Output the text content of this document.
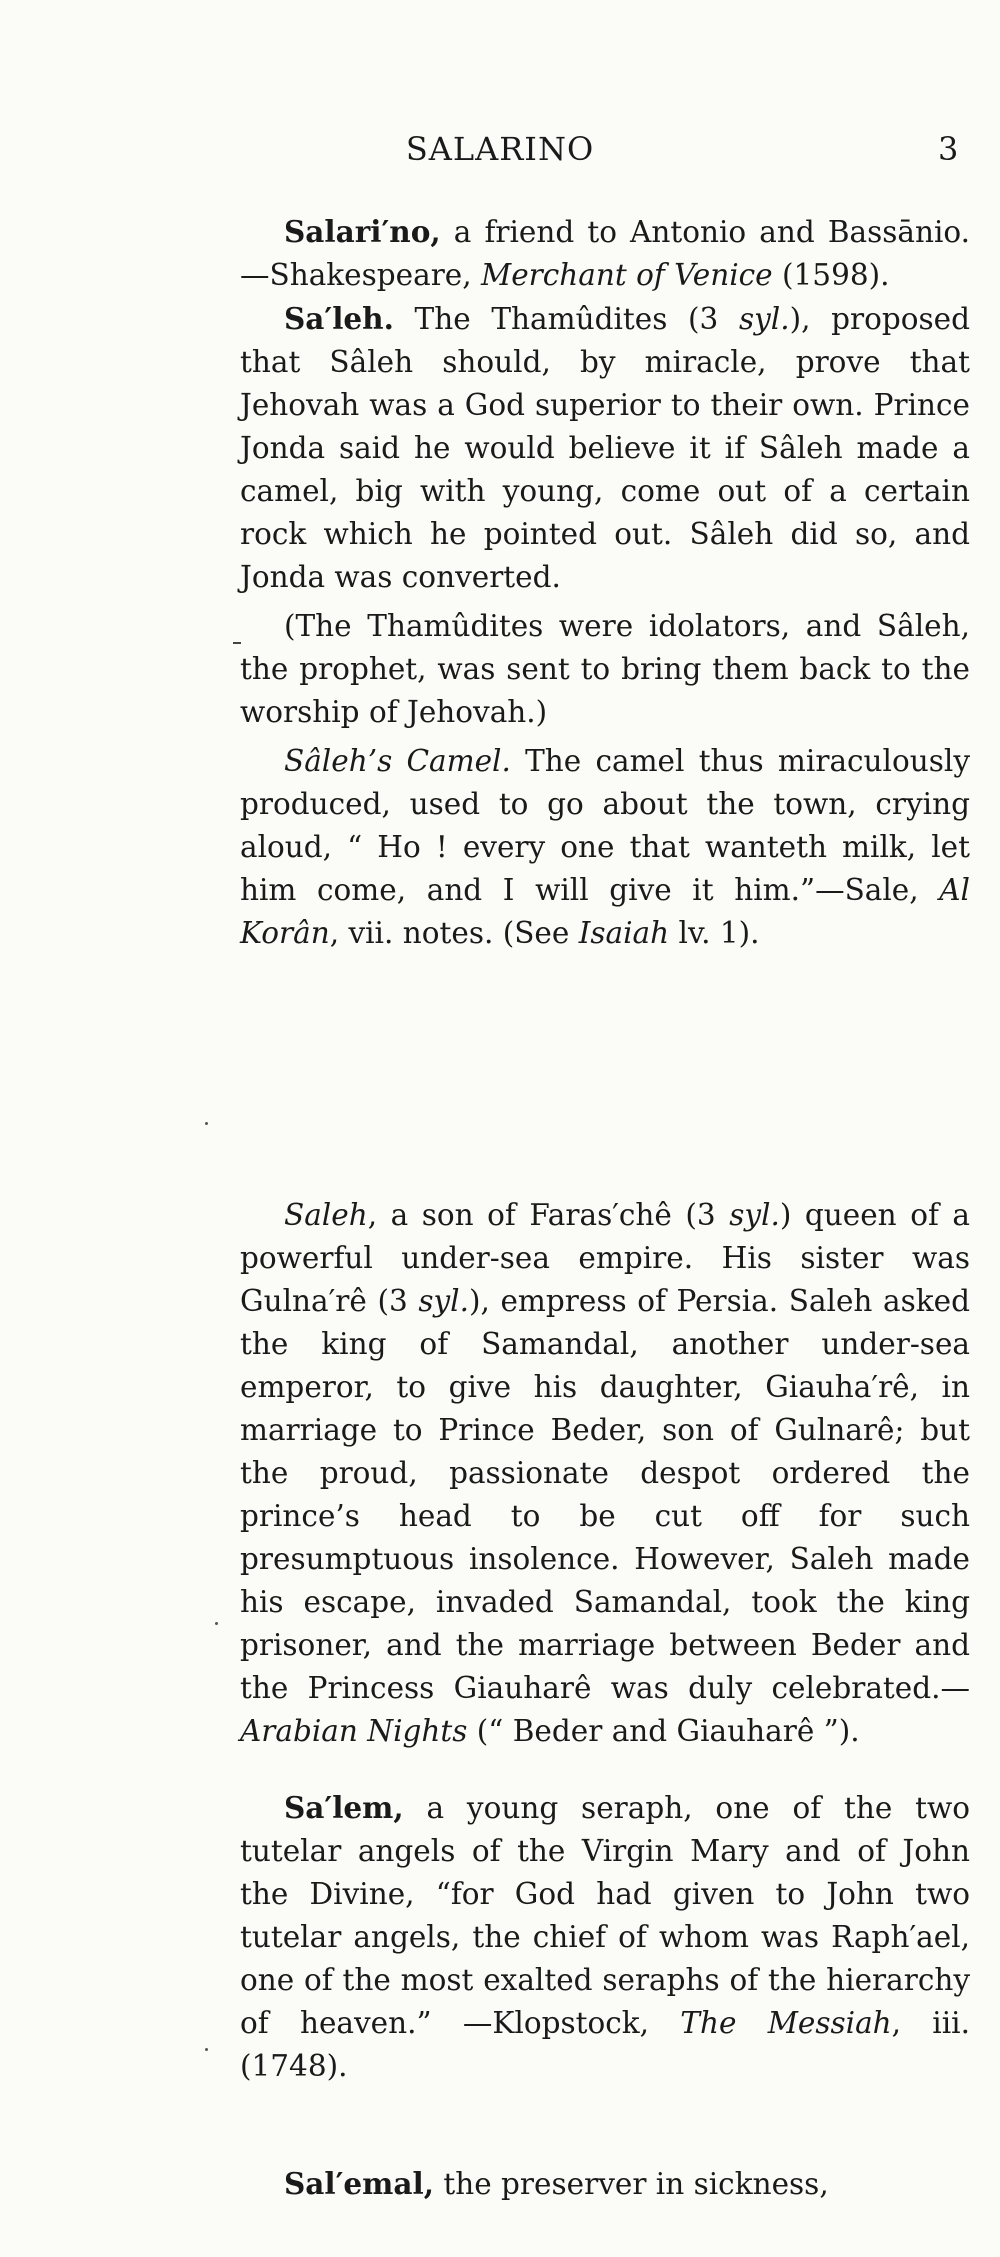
SALARINO	3

Salari′no, a friend to Antonio and Bassānio.—Shakespeare, Merchant of Venice (1598).

Sa′leh. The Thamûdites (3 syl.), proposed that Sâleh should, by miracle, prove that Jehovah was a God superior to their own. Prince Jonda said he would believe it if Sâleh made a camel, big with young, come out of a certain rock which he pointed out. Sâleh did so, and Jonda was converted.

(The Thamûdites were idolators, and Sâleh, the prophet, was sent to bring them back to the worship of Jehovah.)

Sâleh’s Camel. The camel thus miraculously produced, used to go about the town, crying aloud, “ Ho ! every one that wanteth milk, let him come, and I will give it him.”—Sale, Al Korân, vii. notes. (See Isaiah lv. 1).

Saleh, a son of Faras′chê (3 syl.) queen of a powerful under-sea empire. His sister was Gulna′rê (3 syl.), empress of Persia. Saleh asked the king of Samandal, another under-sea emperor, to give his daughter, Giauha′rê, in marriage to Prince Beder, son of Gulnarê; but the proud, passionate despot ordered the prince’s head to be cut off for such presumptuous insolence. However, Saleh made his escape, invaded Samandal, took the king prisoner, and the marriage between Beder and the Princess Giauharê was duly celebrated.—Arabian Nights (“ Beder and Giauharê ”).

Sa′lem, a young seraph, one of the two tutelar angels of the Virgin Mary and of John the Divine, “for God had given to John two tutelar angels, the chief of whom was Raph′ael, one of the most exalted seraphs of the hierarchy of heaven.” —Klopstock, The Messiah, iii. (1748).

Sal′emal, the preserver in sickness,
